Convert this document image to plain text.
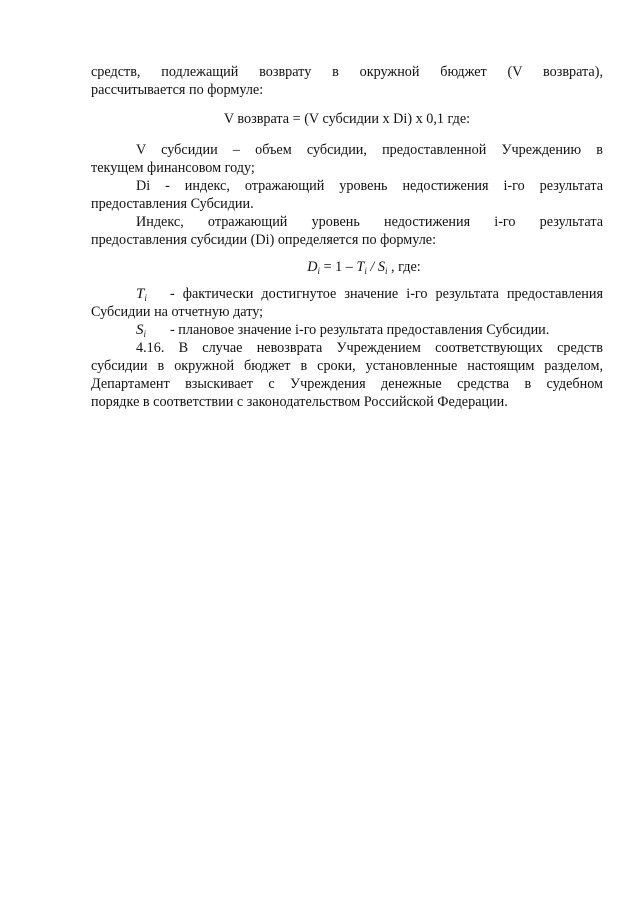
средств, подлежащий возврату в окружной бюджет (V возврата),

рассчитывается по формуле:

V возврата = (V субсидии x Di) x 0,1 где:

V субсидии – объем субсидии, предоставленной Учреждению в

текущем финансовом году;

Di - индекс, отражающий уровень недостижения i-го результата

предоставления Субсидии.

Индекс, отражающий уровень недостижения i-го результата

предоставления субсидии (Di) определяется по формуле:

$D_i = 1 - T_i / S_i$ , где:

$T_i$ - фактически достигнутое значение i-го результата предоставления

Субсидии на отчетную дату;

$S_i$ - плановое значение i-го результата предоставления Субсидии.

4.16. В случае невозврата Учреждением соответствующих средств

субсидии в окружной бюджет в сроки, установленные настоящим разделом,

Департамент взыскивает с Учреждения денежные средства в судебном

порядке в соответствии с законодательством Российской Федерации.
